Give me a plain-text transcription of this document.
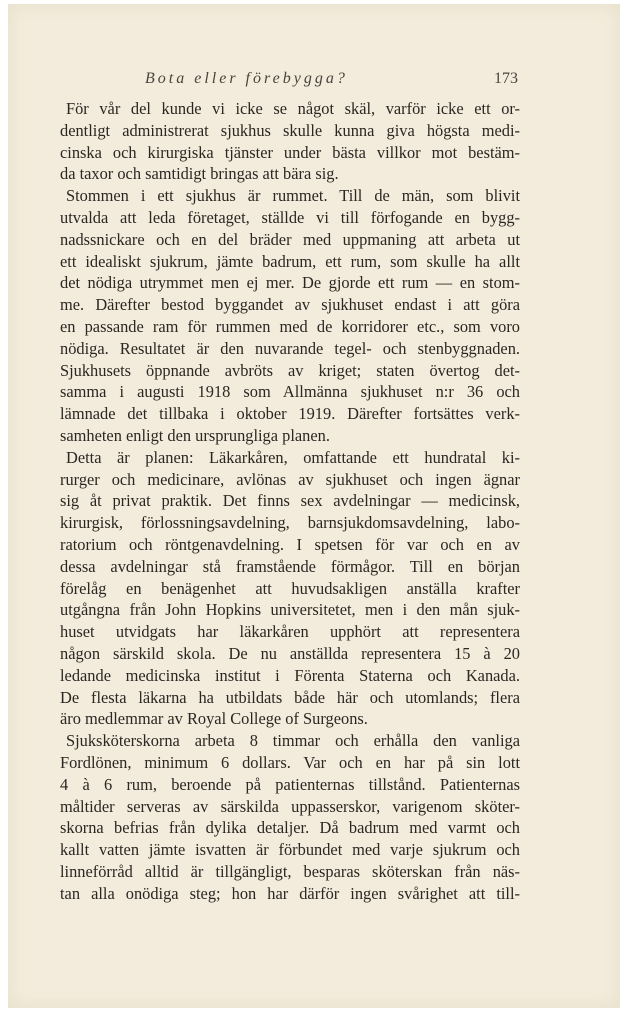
Bota eller förebygga?	173
För vår del kunde vi icke se något skäl, varför icke ett or-
dentligt administrerat sjukhus skulle kunna giva högsta medi-
cinska och kirurgiska tjänster under bästa villkor mot bestäm-
da taxor och samtidigt bringas att bära sig.
Stommen i ett sjukhus är rummet. Till de män, som blivit
utvalda att leda företaget, ställde vi till förfogande en bygg-
nadssnickare och en del bräder med uppmaning att arbeta ut
ett idealiskt sjukrum, jämte badrum, ett rum, som skulle ha allt
det nödiga utrymmet men ej mer. De gjorde ett rum — en stom-
me. Därefter bestod byggandet av sjukhuset endast i att göra
en passande ram för rummen med de korridorer etc., som voro
nödiga. Resultatet är den nuvarande tegel- och stenbyggnaden.
Sjukhusets öppnande avbröts av kriget; staten övertog det-
samma i augusti 1918 som Allmänna sjukhuset n:r 36 och
lämnade det tillbaka i oktober 1919. Därefter fortsättes verk-
samheten enligt den ursprungliga planen.
Detta är planen: Läkarkåren, omfattande ett hundratal ki-
rurger och medicinare, avlönas av sjukhuset och ingen ägnar
sig åt privat praktik. Det finns sex avdelningar — medicinsk,
kirurgisk, förlossningsavdelning, barnsjukdomsavdelning, labo-
ratorium och röntgenavdelning. I spetsen för var och en av
dessa avdelningar stå framstående förmågor. Till en början
förelåg en benägenhet att huvudsakligen anställa krafter
utgångna från John Hopkins universitetet, men i den mån sjuk-
huset utvidgats har läkarkåren upphört att representera
någon särskild skola. De nu anställda representera 15 à 20
ledande medicinska institut i Förenta Staterna och Kanada.
De flesta läkarna ha utbildats både här och utomlands; flera
äro medlemmar av Royal College of Surgeons.
Sjuksköterskorna arbeta 8 timmar och erhålla den vanliga
Fordlönen, minimum 6 dollars. Var och en har på sin lott
4 à 6 rum, beroende på patienternas tillstånd. Patienternas
måltider serveras av särskilda uppasserskor, varigenom sköter-
skorna befrias från dylika detaljer. Då badrum med varmt och
kallt vatten jämte isvatten är förbundet med varje sjukrum och
linneförråd alltid är tillgängligt, besparas sköterskan från näs-
tan alla onödiga steg; hon har därför ingen svårighet att till-
